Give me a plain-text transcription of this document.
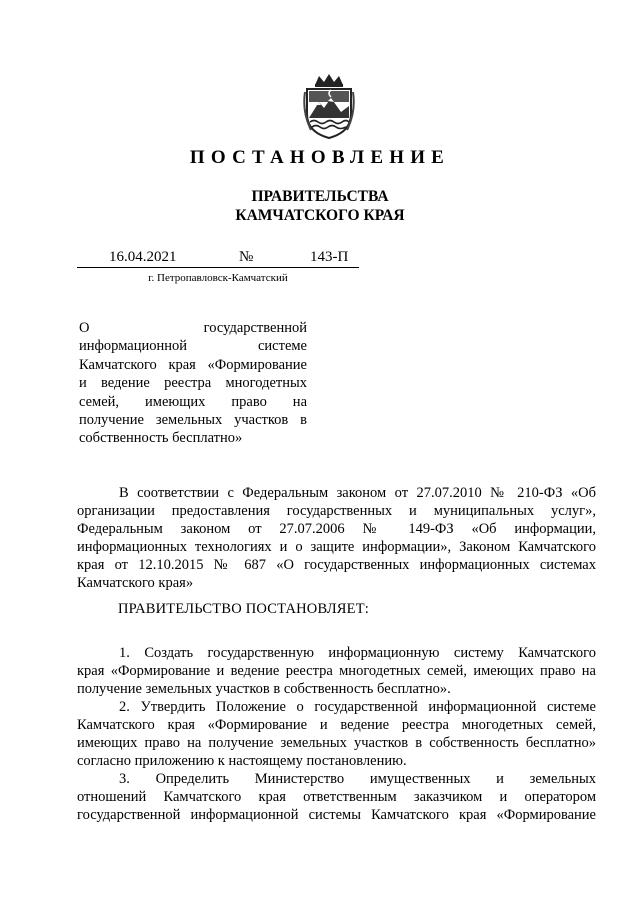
ПОСТАНОВЛЕНИЕ
ПРАВИТЕЛЬСТВА
КАМЧАТСКОГО КРАЯ
16.04.2021	№	143-П
г. Петропавловск-Камчатский
О государственной
информационной системе
Камчатского края «Формирование
и ведение реестра многодетных
семей, имеющих право на
получение земельных участков в
собственность бесплатно»
В соответствии с Федеральным законом от 27.07.2010 № 210-ФЗ «Об
организации предоставления государственных и муниципальных услуг»,
Федеральным законом от 27.07.2006 № 149-ФЗ «Об информации,
информационных технологиях и о защите информации», Законом Камчатского
края от 12.10.2015 № 687 «О государственных информационных системах
Камчатского края»
ПРАВИТЕЛЬСТВО ПОСТАНОВЛЯЕТ:
1. Создать государственную информационную систему Камчатского
края «Формирование и ведение реестра многодетных семей, имеющих право на
получение земельных участков в собственность бесплатно».
2. Утвердить Положение о государственной информационной системе
Камчатского края «Формирование и ведение реестра многодетных семей,
имеющих право на получение земельных участков в собственность бесплатно»
согласно приложению к настоящему постановлению.
3. Определить Министерство имущественных и земельных
отношений Камчатского края ответственным заказчиком и оператором
государственной информационной системы Камчатского края «Формирование
